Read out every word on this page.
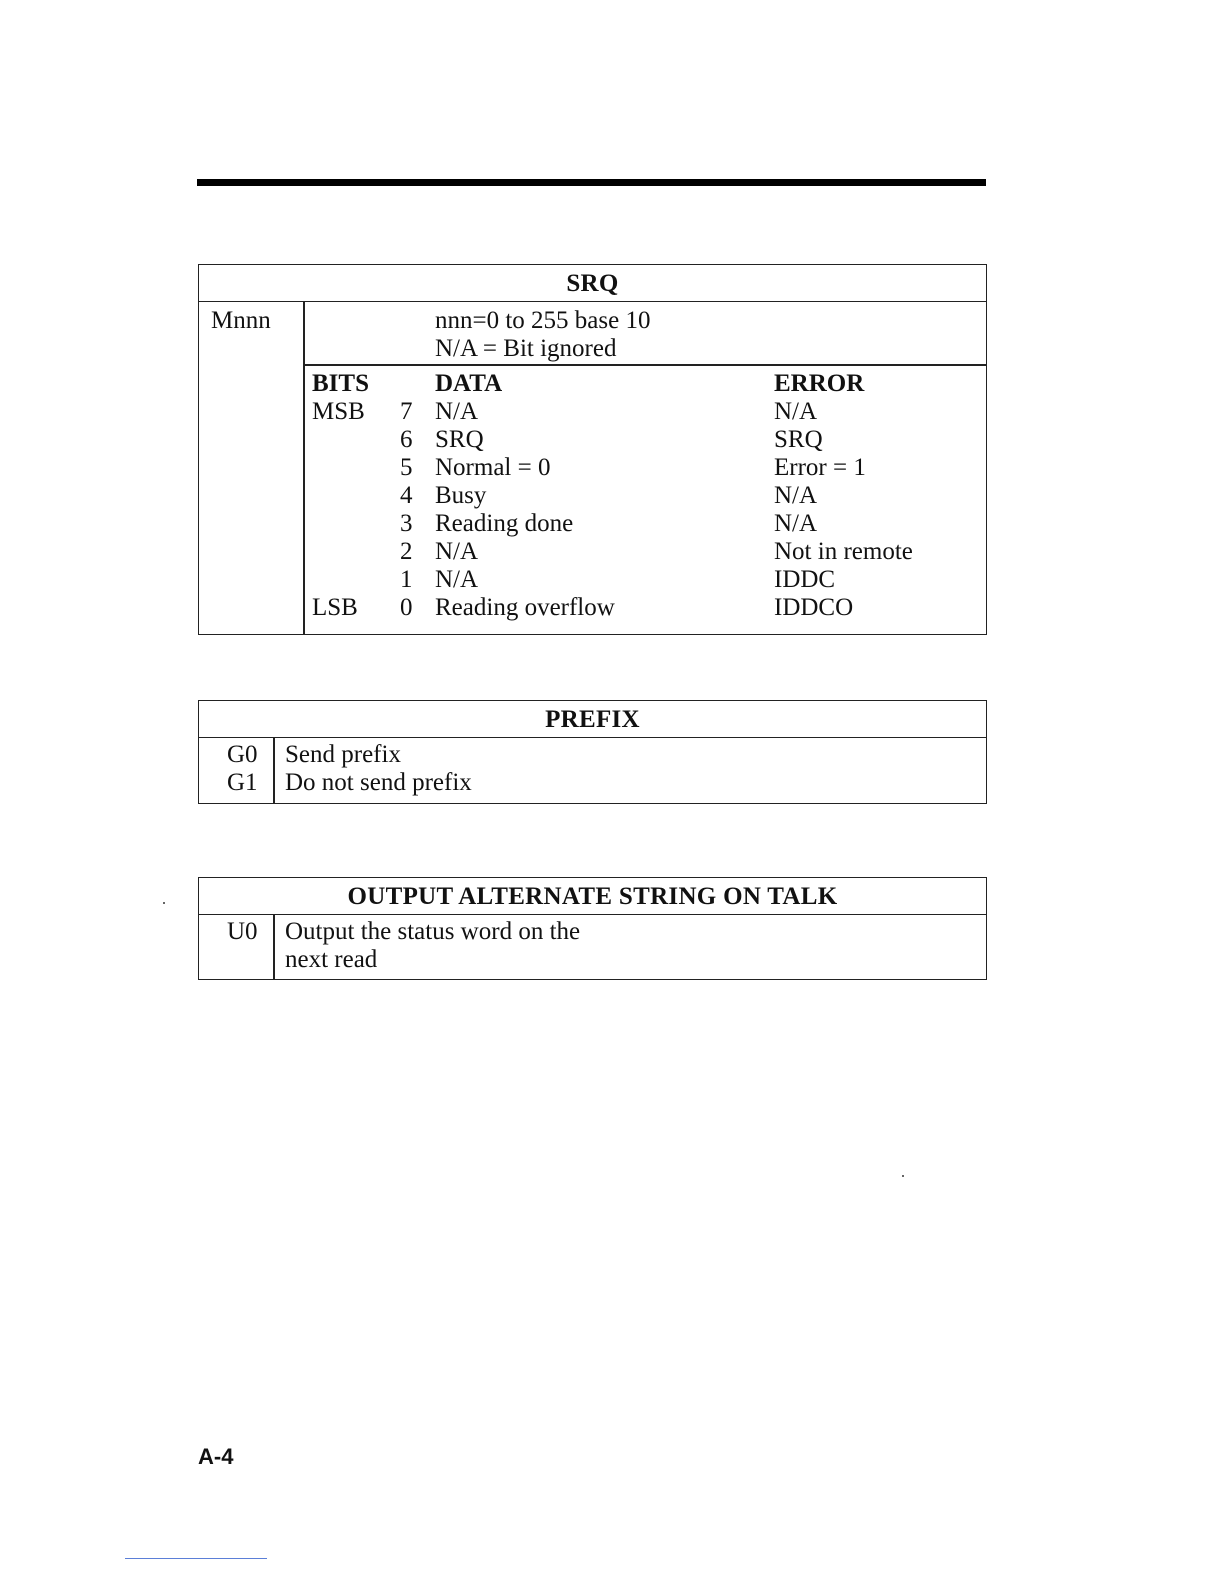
SRQ
Mnnn	nnn=0 to 255 base 10
N/A = Bit ignored
BITS	DATA	ERROR
MSB 7 N/A	N/A
6 SRQ	SRQ
5 Normal = 0	Error = 1
4 Busy	N/A
3 Reading done	N/A
2 N/A	Not in remote
1 N/A	IDDC
LSB 0 Reading overflow	IDDCO
PREFIX
G0 Send prefix
G1 Do not send prefix
OUTPUT ALTERNATE STRING ON TALK
U0 Output the status word on the
next read
A-4
